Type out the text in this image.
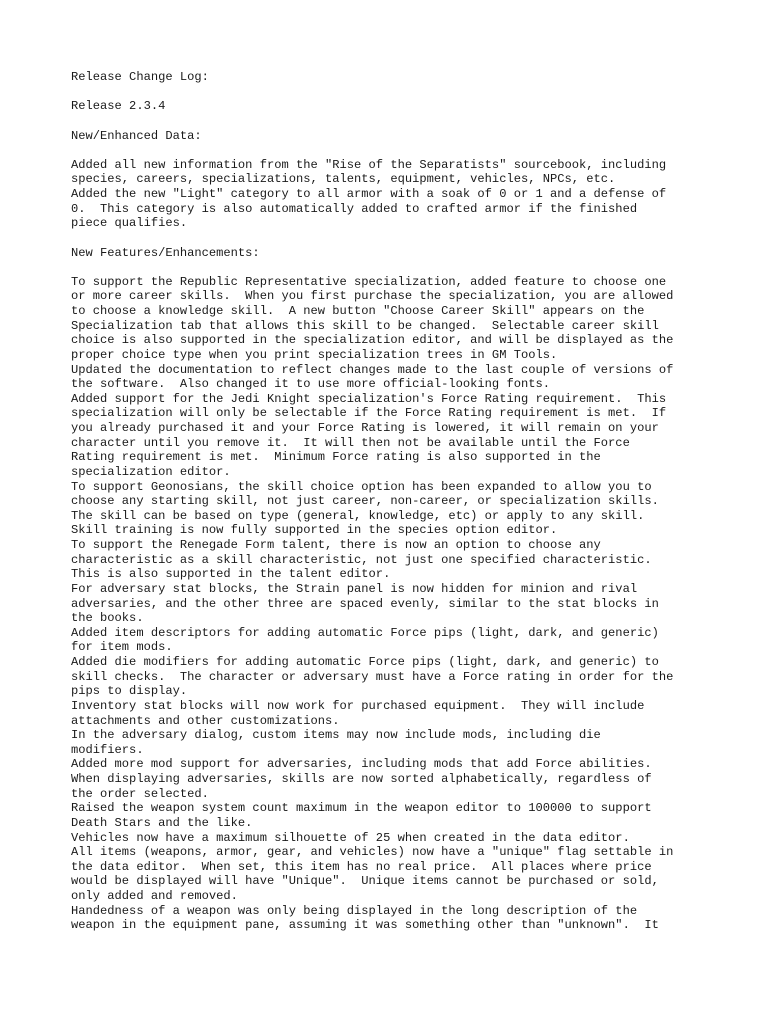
Release Change Log:
Release 2.3.4
New/Enhanced Data:
Added all new information from the "Rise of the Separatists" sourcebook, including
species, careers, specializations, talents, equipment, vehicles, NPCs, etc.
Added the new "Light" category to all armor with a soak of 0 or 1 and a defense of
0.  This category is also automatically added to crafted armor if the finished
piece qualifies.
New Features/Enhancements:
To support the Republic Representative specialization, added feature to choose one
or more career skills.  When you first purchase the specialization, you are allowed
to choose a knowledge skill.  A new button "Choose Career Skill" appears on the
Specialization tab that allows this skill to be changed.  Selectable career skill
choice is also supported in the specialization editor, and will be displayed as the
proper choice type when you print specialization trees in GM Tools.
Updated the documentation to reflect changes made to the last couple of versions of
the software.  Also changed it to use more official-looking fonts.
Added support for the Jedi Knight specialization's Force Rating requirement.  This
specialization will only be selectable if the Force Rating requirement is met.  If
you already purchased it and your Force Rating is lowered, it will remain on your
character until you remove it.  It will then not be available until the Force
Rating requirement is met.  Minimum Force rating is also supported in the
specialization editor.
To support Geonosians, the skill choice option has been expanded to allow you to
choose any starting skill, not just career, non-career, or specialization skills.
The skill can be based on type (general, knowledge, etc) or apply to any skill.
Skill training is now fully supported in the species option editor.
To support the Renegade Form talent, there is now an option to choose any
characteristic as a skill characteristic, not just one specified characteristic.
This is also supported in the talent editor.
For adversary stat blocks, the Strain panel is now hidden for minion and rival
adversaries, and the other three are spaced evenly, similar to the stat blocks in
the books.
Added item descriptors for adding automatic Force pips (light, dark, and generic)
for item mods.
Added die modifiers for adding automatic Force pips (light, dark, and generic) to
skill checks.  The character or adversary must have a Force rating in order for the
pips to display.
Inventory stat blocks will now work for purchased equipment.  They will include
attachments and other customizations.
In the adversary dialog, custom items may now include mods, including die
modifiers.
Added more mod support for adversaries, including mods that add Force abilities.
When displaying adversaries, skills are now sorted alphabetically, regardless of
the order selected.
Raised the weapon system count maximum in the weapon editor to 100000 to support
Death Stars and the like.
Vehicles now have a maximum silhouette of 25 when created in the data editor.
All items (weapons, armor, gear, and vehicles) now have a "unique" flag settable in
the data editor.  When set, this item has no real price.  All places where price
would be displayed will have "Unique".  Unique items cannot be purchased or sold,
only added and removed.
Handedness of a weapon was only being displayed in the long description of the
weapon in the equipment pane, assuming it was something other than "unknown".  It
